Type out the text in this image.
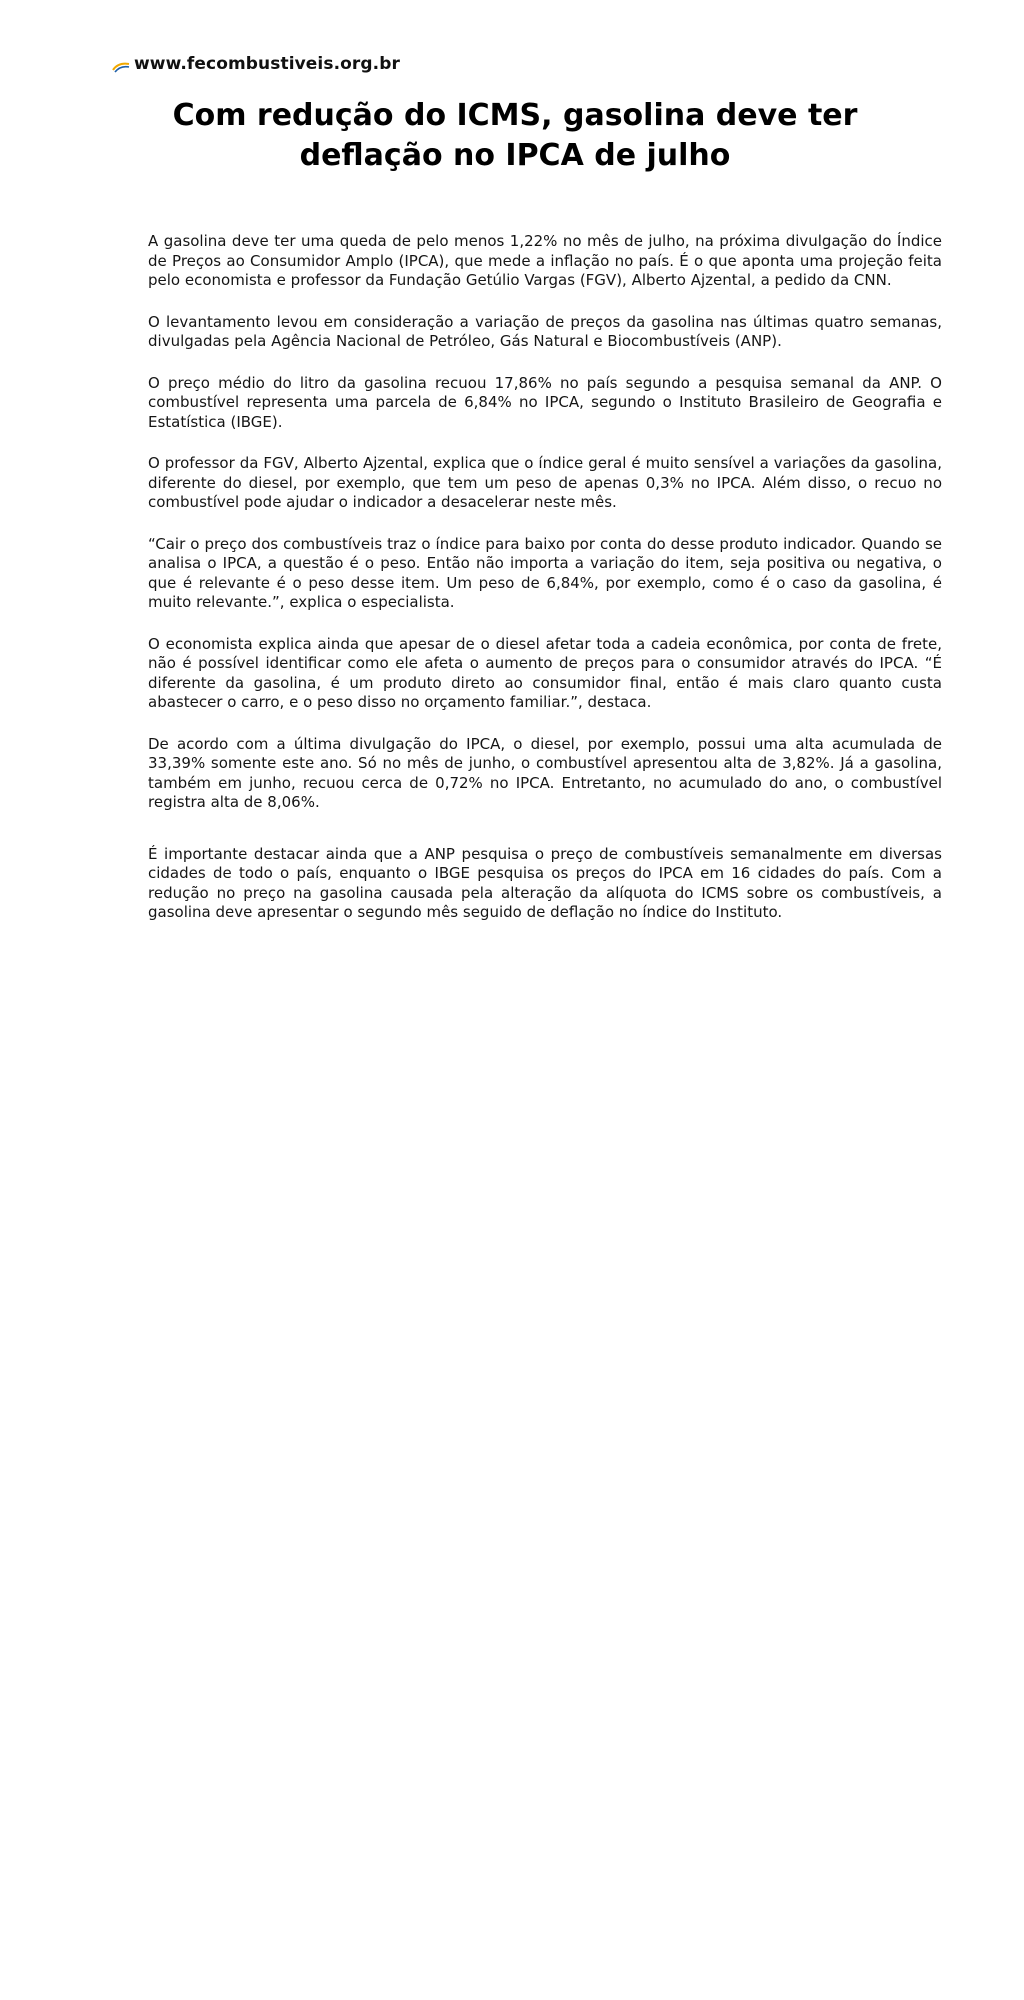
www.fecombustiveis.org.br
Com redução do ICMS, gasolina deve ter deflação no IPCA de julho

A gasolina deve ter uma queda de pelo menos 1,22% no mês de julho, na próxima divulgação do Índice de Preços ao Consumidor Amplo (IPCA), que mede a inflação no país. É o que aponta uma projeção feita pelo economista e professor da Fundação Getúlio Vargas (FGV), Alberto Ajzental, a pedido da CNN.

O levantamento levou em consideração a variação de preços da gasolina nas últimas quatro semanas, divulgadas pela Agência Nacional de Petróleo, Gás Natural e Biocombustíveis (ANP).

O preço médio do litro da gasolina recuou 17,86% no país segundo a pesquisa semanal da ANP. O combustível representa uma parcela de 6,84% no IPCA, segundo o Instituto Brasileiro de Geografia e Estatística (IBGE).

O professor da FGV, Alberto Ajzental, explica que o índice geral é muito sensível a variações da gasolina, diferente do diesel, por exemplo, que tem um peso de apenas 0,3% no IPCA. Além disso, o recuo no combustível pode ajudar o indicador a desacelerar neste mês.

“Cair o preço dos combustíveis traz o índice para baixo por conta do desse produto indicador. Quando se analisa o IPCA, a questão é o peso. Então não importa a variação do item, seja positiva ou negativa, o que é relevante é o peso desse item. Um peso de 6,84%, por exemplo, como é o caso da gasolina, é muito relevante.”, explica o especialista.

O economista explica ainda que apesar de o diesel afetar toda a cadeia econômica, por conta de frete, não é possível identificar como ele afeta o aumento de preços para o consumidor através do IPCA. “É diferente da gasolina, é um produto direto ao consumidor final, então é mais claro quanto custa abastecer o carro, e o peso disso no orçamento familiar.”, destaca.

De acordo com a última divulgação do IPCA, o diesel, por exemplo, possui uma alta acumulada de 33,39% somente este ano. Só no mês de junho, o combustível apresentou alta de 3,82%. Já a gasolina, também em junho, recuou cerca de 0,72% no IPCA. Entretanto, no acumulado do ano, o combustível registra alta de 8,06%.

É importante destacar ainda que a ANP pesquisa o preço de combustíveis semanalmente em diversas cidades de todo o país, enquanto o IBGE pesquisa os preços do IPCA em 16 cidades do país. Com a redução no preço na gasolina causada pela alteração da alíquota do ICMS sobre os combustíveis, a gasolina deve apresentar o segundo mês seguido de deflação no índice do Instituto.
